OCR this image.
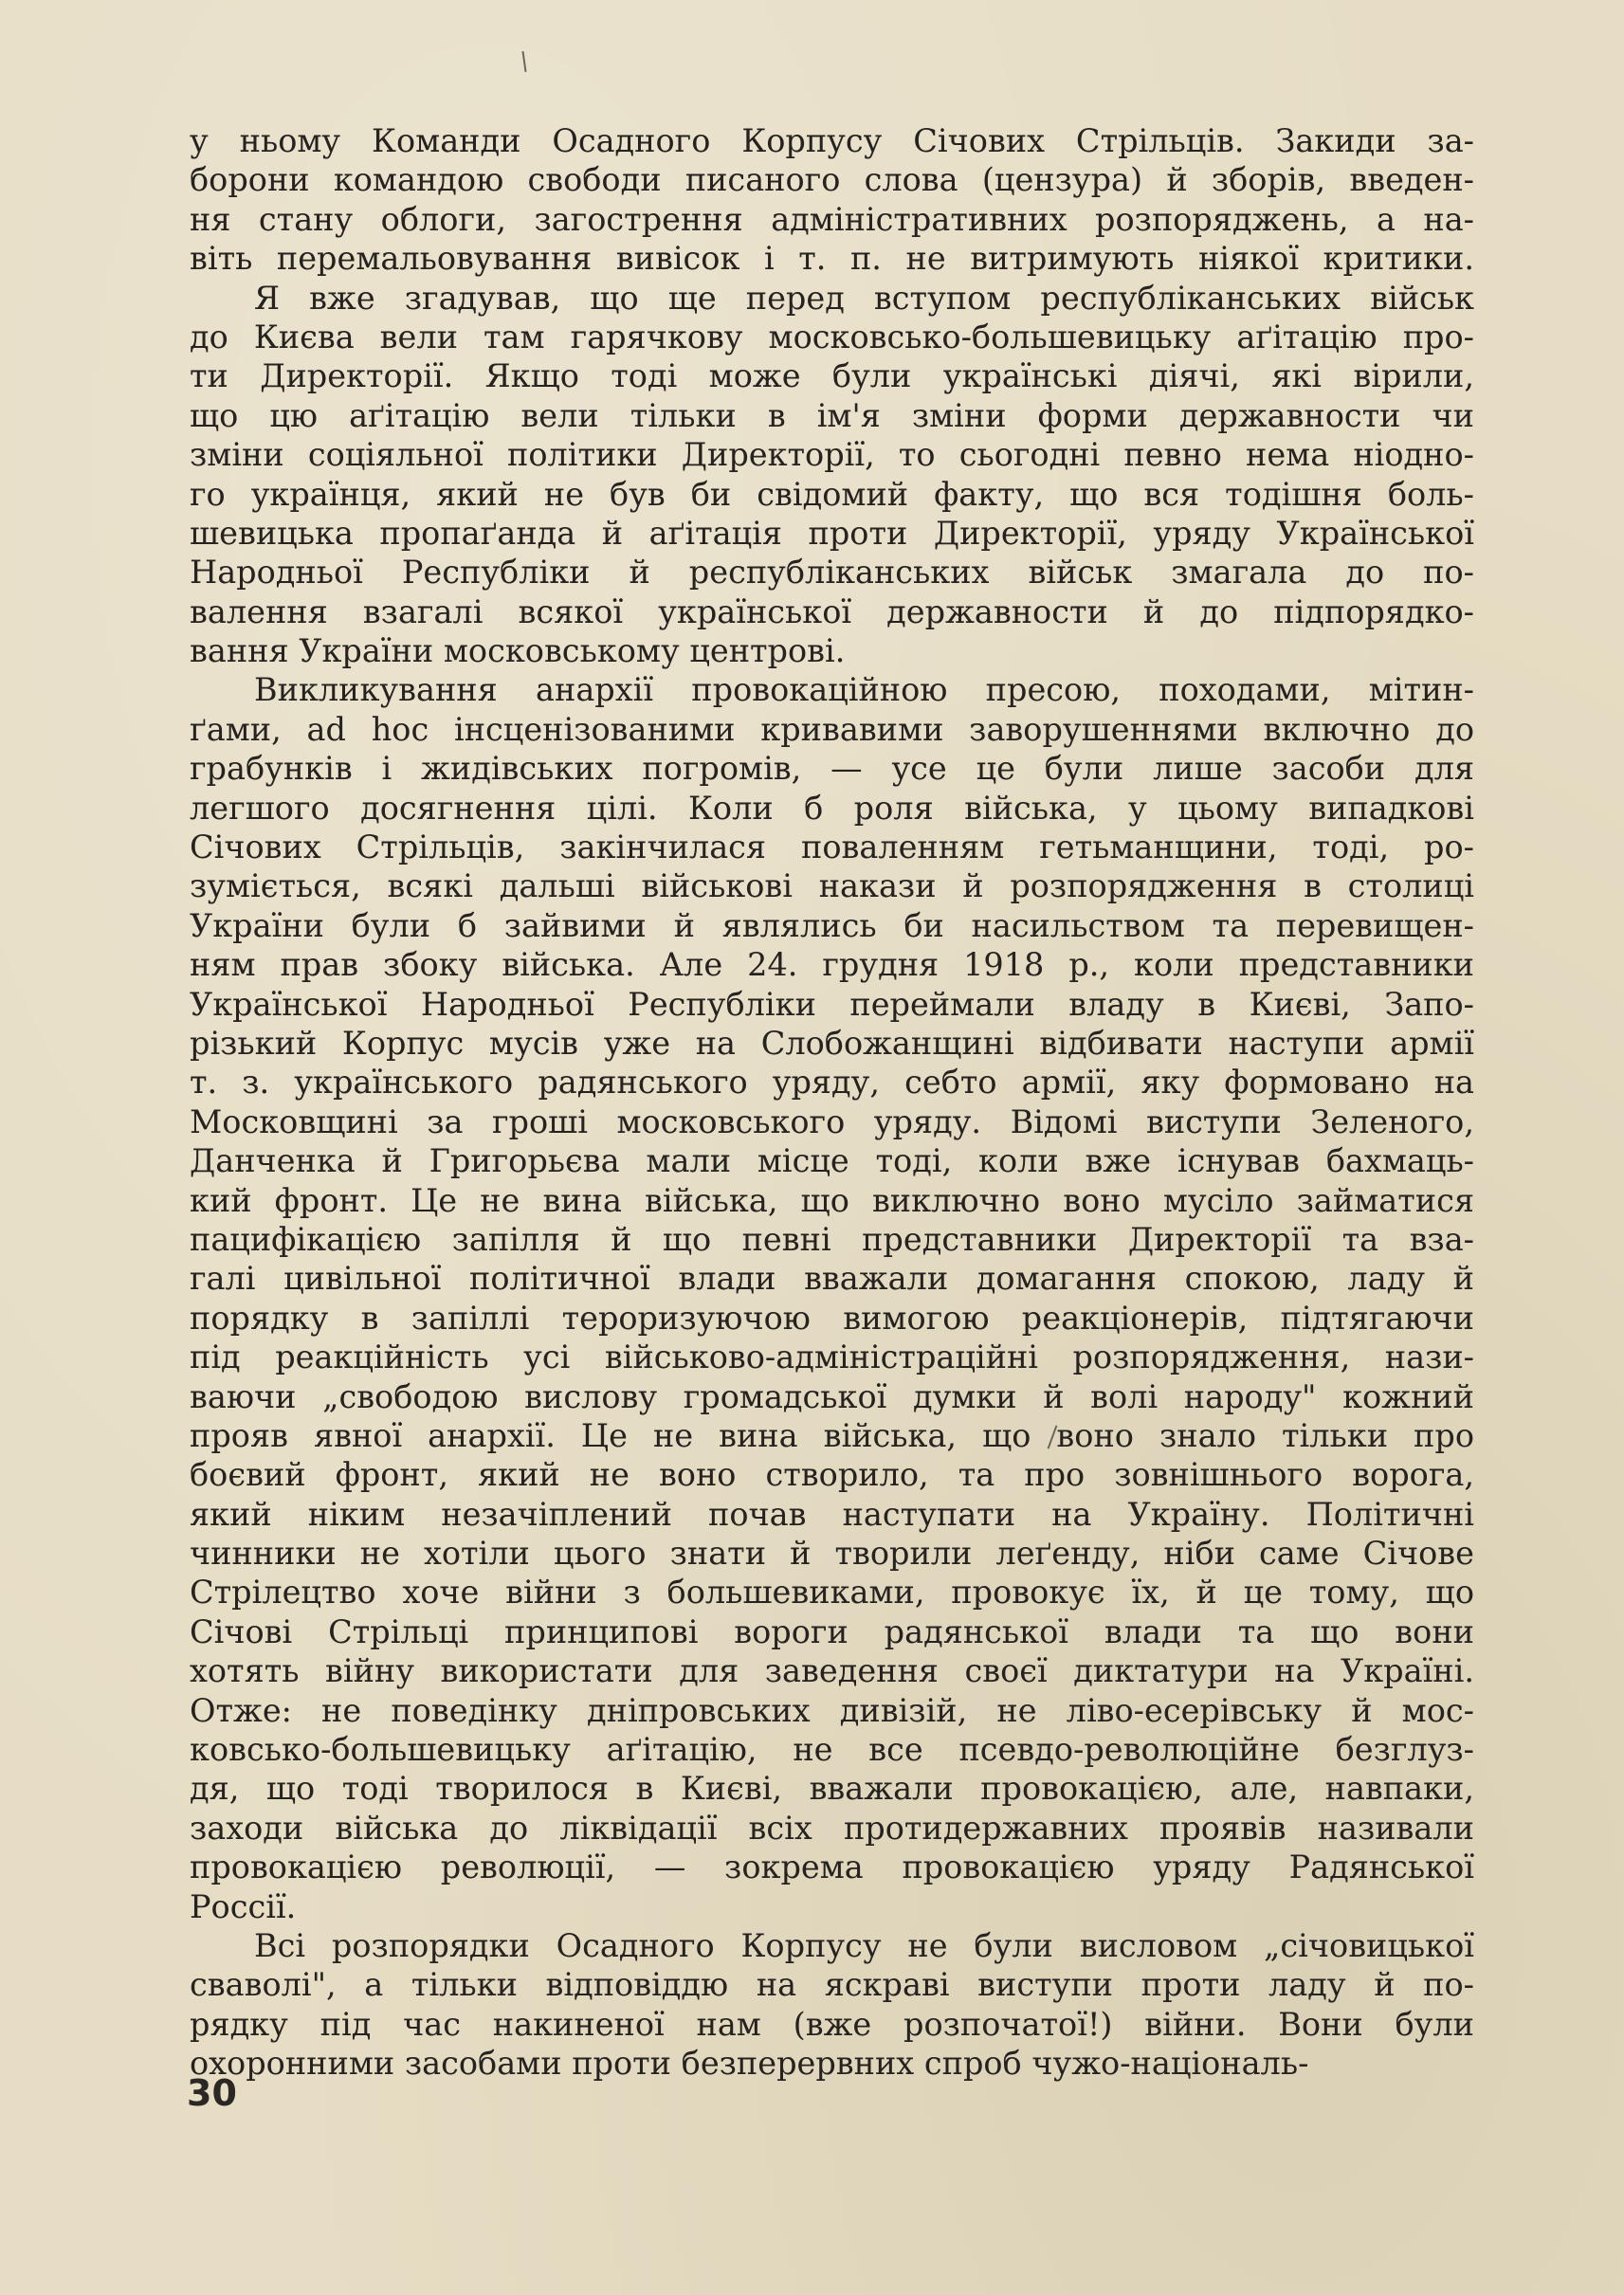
у ньому Команди Осадного Корпусу Січових Стрільців. Закиди за-
борони командою свободи писаного слова (цензура) й зборів, введен-
ня стану облоги, загострення адміністративних розпоряджень, а на-
віть перемальовування вивісок і т. п. не витримують ніякої критики.
Я вже згадував, що ще перед вступом республіканських військ
до Києва вели там гарячкову московсько-большевицьку аґітацію про-
ти Директорії. Якщо тоді може були українські діячі, які вірили,
що цю аґітацію вели тільки в ім'я зміни форми державности чи
зміни соціяльної політики Директорії, то сьогодні певно нема ніодно-
го українця, який не був би свідомий факту, що вся тодішня боль-
шевицька пропаґанда й аґітація проти Директорії, уряду Української
Народньої Республіки й республіканських військ змагала до по-
валення взагалі всякої української державности й до підпорядко-
вання України московському центрові.
Викликування анархії провокаційною пресою, походами, мітин-
ґами, ad hoc інсценізованими кривавими заворушеннями включно до
грабунків і жидівських погромів, — усе це були лише засоби для
легшого досягнення цілі. Коли б роля війська, у цьому випадкові
Січових Стрільців, закінчилася поваленням гетьманщини, тоді, ро-
зуміється, всякі дальші військові накази й розпорядження в столиці
України були б зайвими й являлись би насильством та перевищен-
ням прав збоку війська. Але 24. грудня 1918 р., коли представники
Української Народньої Республіки переймали владу в Києві, Запо-
різький Корпус мусів уже на Слобожанщині відбивати наступи армії
т. з. українського радянського уряду, себто армії, яку формовано на
Московщині за гроші московського уряду. Відомі виступи Зеленого,
Данченка й Григорьєва мали місце тоді, коли вже існував бахмаць-
кий фронт. Це не вина війська, що виключно воно мусіло займатися
пацифікацією запілля й що певні представники Директорії та вза-
галі цивільної політичної влади вважали домагання спокою, ладу й
порядку в запіллі тероризуючою вимогою реакціонерів, підтягаючи
під реакційність усі військово-адміністраційні розпорядження, нази-
ваючи „свободою вислову громадської думки й волі народу" кожний
прояв явної анархії. Це не вина війська, що воно знало тільки про
боєвий фронт, який не воно створило, та про зовнішнього ворога,
який ніким незачіплений почав наступати на Україну. Політичні
чинники не хотіли цього знати й творили леґенду, ніби саме Січове
Стрілецтво хоче війни з большевиками, провокує їх, й це тому, що
Січові Стрільці принципові вороги радянської влади та що вони
хотять війну використати для заведення своєї диктатури на Україні.
Отже: не поведінку дніпровських дивізій, не ліво-есерівську й мос-
ковсько-большевицьку аґітацію, не все псевдо-революційне безглуз-
дя, що тоді творилося в Києві, вважали провокацією, але, навпаки,
заходи війська до ліквідації всіх протидержавних проявів називали
провокацією революції, — зокрема провокацією уряду Радянської
Россії.
Всі розпорядки Осадного Корпусу не були висловом „січовицької
сваволі", а тільки відповіддю на яскраві виступи проти ладу й по-
рядку під час накиненої нам (вже розпочатої!) війни. Вони були
охоронними засобами проти безперервних спроб чужо-національ-
30
